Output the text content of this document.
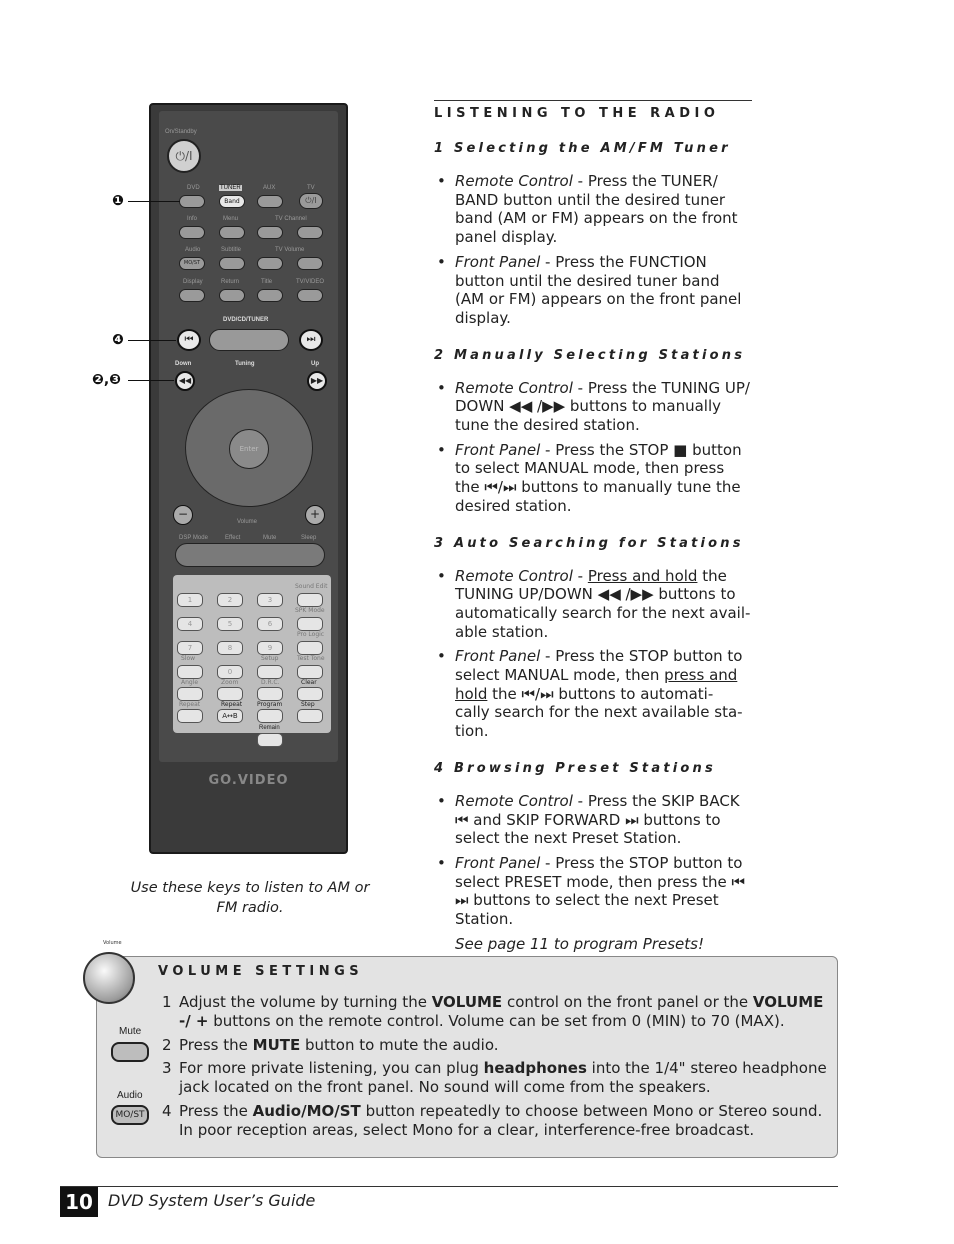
On/Standby
⏻/I
DVD	TUNER	AUX	TV
Band	⏻/I
Info	Menu	TV Channel
Audio	Subtitle	TV Volume
MO/ST
Display	Return	Title	TV/VIDEO
DVD/CD/TUNER
⏮	⏭
Down	Tuning	Up
◀◀	▶▶
Enter
−
Volume
+
DSP Mode	Effect	Mute	Sleep
Sound Edit
1	2	3
SPK Mode
4	5	6
Pro Logic
7	8	9
Slow	Setup	Test Tone
0
Angle	Zoom	D.R.C.	Clear
Repeat	Repeat Program	Step
A↔B
Remain
GO.VIDEO
❶
❹
❷,❸
Use these keys to listen to AM or FM radio.
LISTENING TO THE RADIO
1 Selecting the AM/FM Tuner
• Remote Control - Press the TUNER/ BAND button until the desired tuner band (AM or FM) appears on the front panel display.
• Front Panel - Press the FUNCTION button until the desired tuner band (AM or FM) appears on the front panel display.
2 Manually Selecting Stations
• Remote Control - Press the TUNING UP/ DOWN ◀◀ /▶▶ buttons to manually tune the desired station.
• Front Panel - Press the STOP ■ button to select MANUAL mode, then press the ⏮/⏭ buttons to manually tune the desired station.
3 Auto Searching for Stations
• Remote Control - Press and hold the TUNING UP/DOWN ◀◀ /▶▶ buttons to automatically search for the next avail- able station.
• Front Panel - Press the STOP button to select MANUAL mode, then press and hold the ⏮/⏭ buttons to automati- cally search for the next available sta- tion.
4 Browsing Preset Stations
• Remote Control - Press the SKIP BACK ⏮ and SKIP FORWARD ⏭ buttons to select the next Preset Station.
• Front Panel - Press the STOP button to select PRESET mode, then press the ⏮ ⏭ buttons to select the next Preset Station.
See page 11 to program Presets!
Volume
VOLUME SETTINGS
Mute
Audio
MO/ST
1 Adjust the volume by turning the VOLUME control on the front panel or the VOLUME -/ + buttons on the remote control. Volume can be set from 0 (MIN) to 70 (MAX).
2 Press the MUTE button to mute the audio.
3 For more private listening, you can plug headphones into the 1/4" stereo headphone jack located on the front panel. No sound will come from the speakers.
4 Press the Audio/MO/ST button repeatedly to choose between Mono or Stereo sound. In poor reception areas, select Mono for a clear, interference-free broadcast.
10 DVD System User’s Guide
